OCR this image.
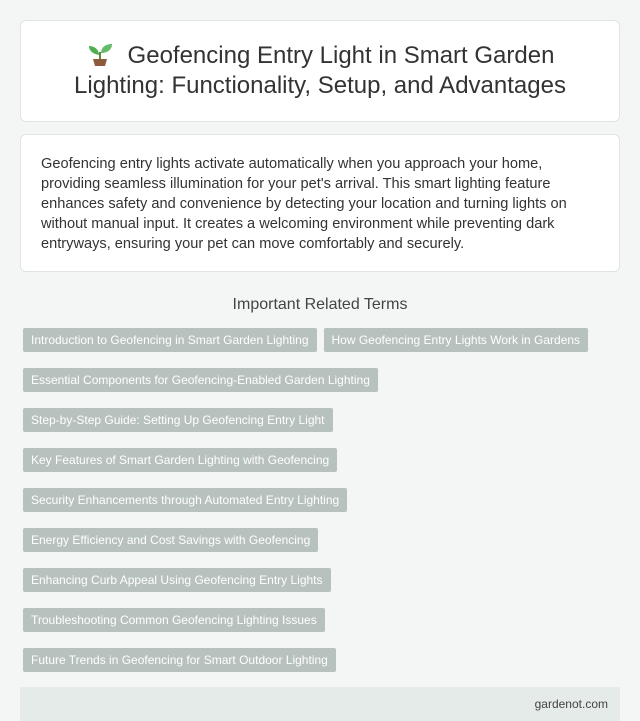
Geofencing Entry Light in Smart Garden Lighting: Functionality, Setup, and Advantages

Geofencing entry lights activate automatically when you approach your home, providing seamless illumination for your pet's arrival. This smart lighting feature enhances safety and convenience by detecting your location and turning lights on without manual input. It creates a welcoming environment while preventing dark entryways, ensuring your pet can move comfortably and securely.

Important Related Terms
Introduction to Geofencing in Smart Garden Lighting	How Geofencing Entry Lights Work in Gardens
Essential Components for Geofencing-Enabled Garden Lighting
Step-by-Step Guide: Setting Up Geofencing Entry Light
Key Features of Smart Garden Lighting with Geofencing
Security Enhancements through Automated Entry Lighting
Energy Efficiency and Cost Savings with Geofencing
Enhancing Curb Appeal Using Geofencing Entry Lights
Troubleshooting Common Geofencing Lighting Issues
Future Trends in Geofencing for Smart Outdoor Lighting
gardenot.com
